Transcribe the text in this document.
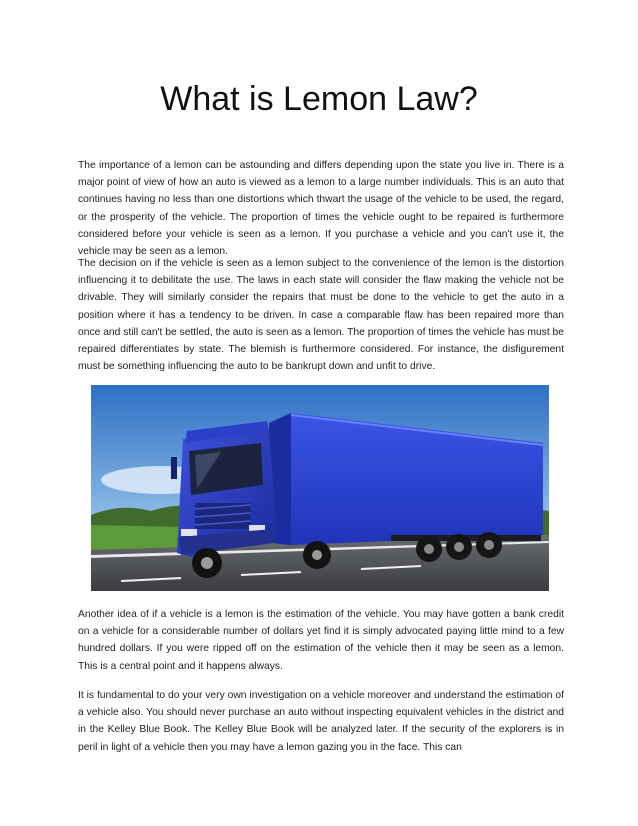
What is Lemon Law?

The importance of a lemon can be astounding and differs depending upon the state you live in. There is a major point of view of how an auto is viewed as a lemon to a large number individuals. This is an auto that continues having no less than one distortions which thwart the usage of the vehicle to be used, the regard, or the prosperity of the vehicle. The proportion of times the vehicle ought to be repaired is furthermore considered before your vehicle is seen as a lemon. If you purchase a vehicle and you can't use it, the vehicle may be seen as a lemon.

The decision on if the vehicle is seen as a lemon subject to the convenience of the lemon is the distortion influencing it to debilitate the use. The laws in each state will consider the flaw making the vehicle not be drivable. They will similarly consider the repairs that must be done to the vehicle to get the auto in a position where it has a tendency to be driven. In case a comparable flaw has been repaired more than once and still can't be settled, the auto is seen as a lemon. The proportion of times the vehicle has must be repaired differentiates by state. The blemish is furthermore considered. For instance, the disfigurement must be something influencing the auto to be bankrupt down and unfit to drive.

Another idea of if a vehicle is a lemon is the estimation of the vehicle. You may have gotten a bank credit on a vehicle for a considerable number of dollars yet find it is simply advocated paying little mind to a few hundred dollars. If you were ripped off on the estimation of the vehicle then it may be seen as a lemon. This is a central point and it happens always.

It is fundamental to do your very own investigation on a vehicle moreover and understand the estimation of a vehicle also. You should never purchase an auto without inspecting equivalent vehicles in the district and in the Kelley Blue Book. The Kelley Blue Book will be analyzed later. If the security of the explorers is in peril in light of a vehicle then you may have a lemon gazing you in the face. This can
